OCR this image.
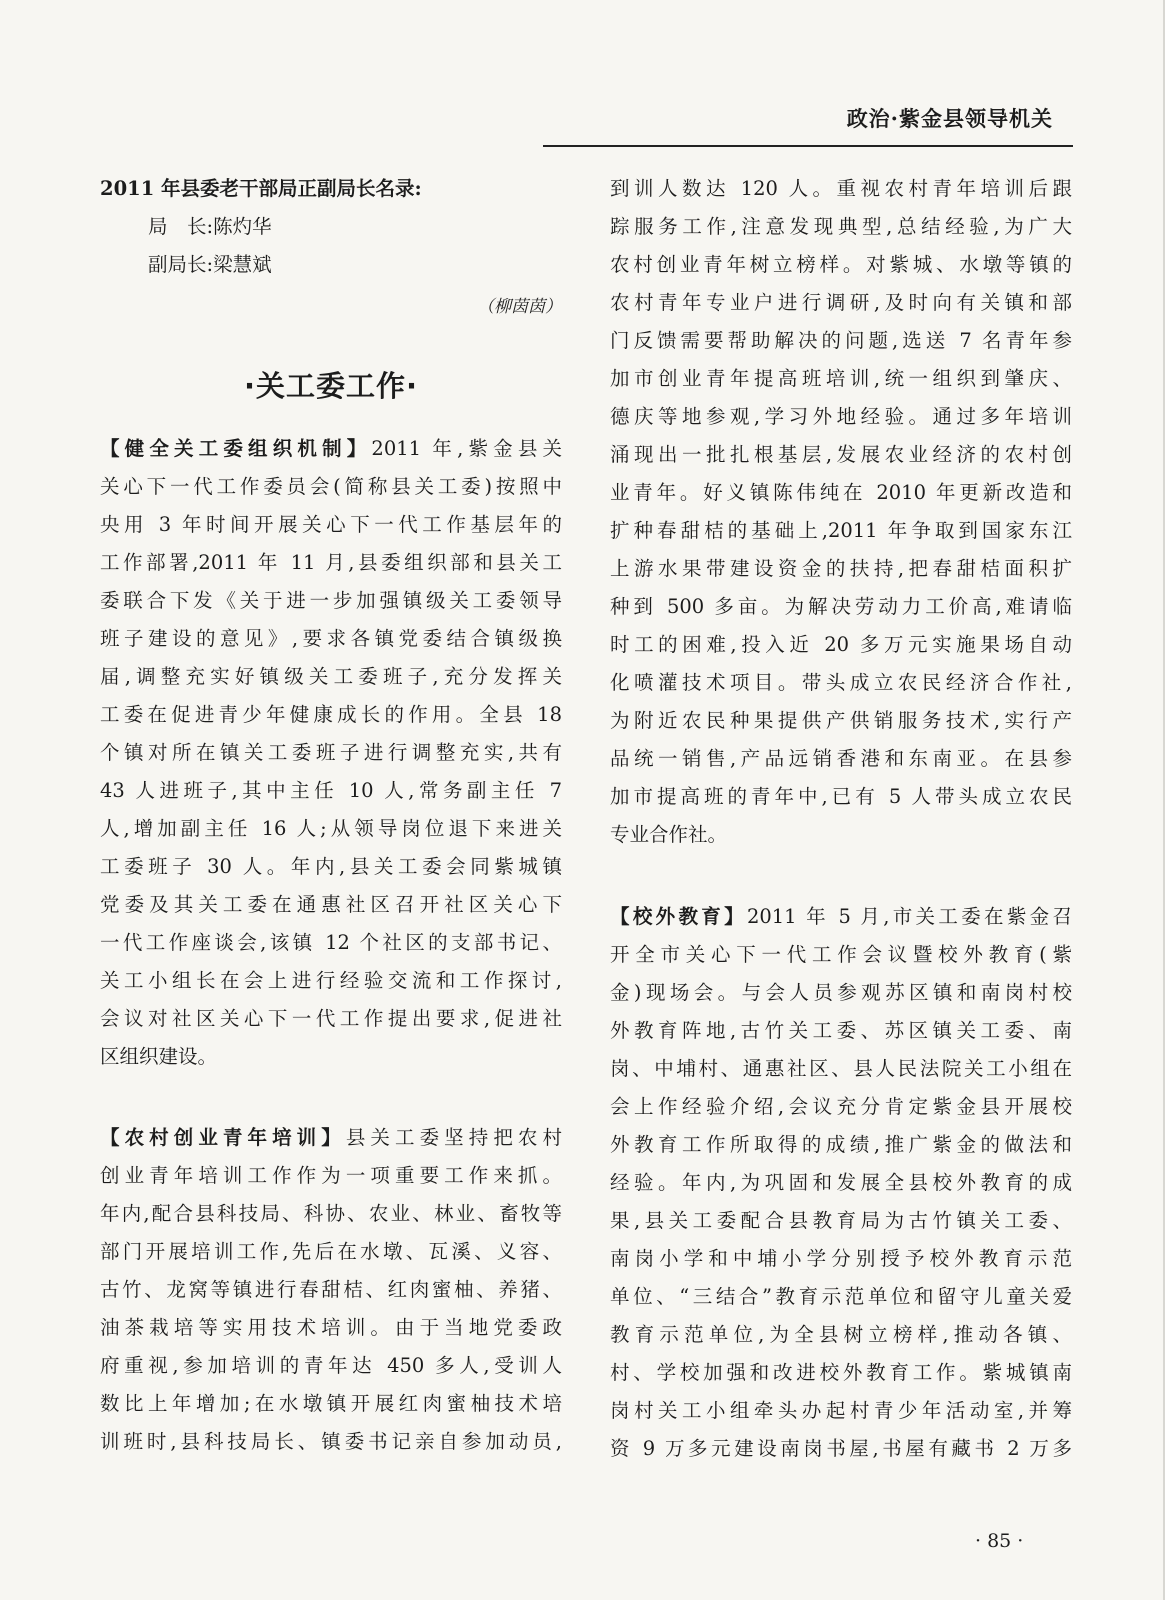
政治·紫金县领导机关
2011 年县委老干部局正副局长名录:
局　长:陈灼华
副局长:梁慧斌
（柳茵茵）
·关工委工作·
【健全关工委组织机制】2011 年,紫金县关
关心下一代工作委员会(简称县关工委)按照中
央用 3 年时间开展关心下一代工作基层年的
工作部署,2011 年 11 月,县委组织部和县关工
委联合下发《关于进一步加强镇级关工委领导
班子建设的意见》,要求各镇党委结合镇级换
届,调整充实好镇级关工委班子,充分发挥关
工委在促进青少年健康成长的作用。全县 18
个镇对所在镇关工委班子进行调整充实,共有
43 人进班子,其中主任 10 人,常务副主任 7
人,增加副主任 16 人;从领导岗位退下来进关
工委班子 30 人。年内,县关工委会同紫城镇
党委及其关工委在通惠社区召开社区关心下
一代工作座谈会,该镇 12 个社区的支部书记、
关工小组长在会上进行经验交流和工作探讨,
会议对社区关心下一代工作提出要求,促进社
区组织建设。
【农村创业青年培训】县关工委坚持把农村
创业青年培训工作作为一项重要工作来抓。
年内,配合县科技局、科协、农业、林业、畜牧等
部门开展培训工作,先后在水墩、瓦溪、义容、
古竹、龙窝等镇进行春甜桔、红肉蜜柚、养猪、
油茶栽培等实用技术培训。由于当地党委政
府重视,参加培训的青年达 450 多人,受训人
数比上年增加;在水墩镇开展红肉蜜柚技术培
训班时,县科技局长、镇委书记亲自参加动员,
到训人数达 120 人。重视农村青年培训后跟
踪服务工作,注意发现典型,总结经验,为广大
农村创业青年树立榜样。对紫城、水墩等镇的
农村青年专业户进行调研,及时向有关镇和部
门反馈需要帮助解决的问题,选送 7 名青年参
加市创业青年提高班培训,统一组织到肇庆、
德庆等地参观,学习外地经验。通过多年培训
涌现出一批扎根基层,发展农业经济的农村创
业青年。好义镇陈伟纯在 2010 年更新改造和
扩种春甜桔的基础上,2011 年争取到国家东江
上游水果带建设资金的扶持,把春甜桔面积扩
种到 500 多亩。为解决劳动力工价高,难请临
时工的困难,投入近 20 多万元实施果场自动
化喷灌技术项目。带头成立农民经济合作社,
为附近农民种果提供产供销服务技术,实行产
品统一销售,产品远销香港和东南亚。在县参
加市提高班的青年中,已有 5 人带头成立农民
专业合作社。
【校外教育】2011 年 5 月,市关工委在紫金召
开全市关心下一代工作会议暨校外教育(紫
金)现场会。与会人员参观苏区镇和南岗村校
外教育阵地,古竹关工委、苏区镇关工委、南
岗、中埔村、通惠社区、县人民法院关工小组在
会上作经验介绍,会议充分肯定紫金县开展校
外教育工作所取得的成绩,推广紫金的做法和
经验。年内,为巩固和发展全县校外教育的成
果,县关工委配合县教育局为古竹镇关工委、
南岗小学和中埔小学分别授予校外教育示范
单位、“三结合”教育示范单位和留守儿童关爱
教育示范单位,为全县树立榜样,推动各镇、
村、学校加强和改进校外教育工作。紫城镇南
岗村关工小组牵头办起村青少年活动室,并筹
资 9 万多元建设南岗书屋,书屋有藏书 2 万多
· 85 ·
